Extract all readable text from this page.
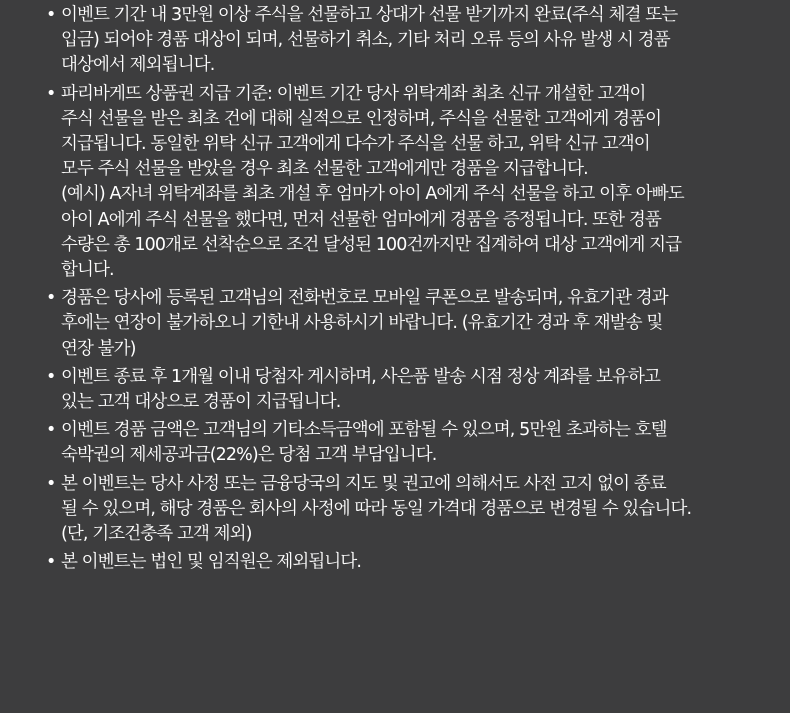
• 이벤트 기간 내 3만원 이상 주식을 선물하고 상대가 선물 받기까지 완료(주식 체결 또는
입금) 되어야 경품 대상이 되며, 선물하기 취소, 기타 처리 오류 등의 사유 발생 시 경품
대상에서 제외됩니다.
• 파리바게뜨 상품권 지급 기준: 이벤트 기간 당사 위탁계좌 최초 신규 개설한 고객이
주식 선물을 받은 최초 건에 대해 실적으로 인정하며, 주식을 선물한 고객에게 경품이
지급됩니다. 동일한 위탁 신규 고객에게 다수가 주식을 선물 하고, 위탁 신규 고객이
모두 주식 선물을 받았을 경우 최초 선물한 고객에게만 경품을 지급합니다.
(예시) A자녀 위탁계좌를 최초 개설 후 엄마가 아이 A에게 주식 선물을 하고 이후 아빠도
아이 A에게 주식 선물을 했다면, 먼저 선물한 엄마에게 경품을 증정됩니다. 또한 경품
수량은 총 100개로 선착순으로 조건 달성된 100건까지만 집계하여 대상 고객에게 지급
합니다.
• 경품은 당사에 등록된 고객님의 전화번호로 모바일 쿠폰으로 발송되며, 유효기관 경과
후에는 연장이 불가하오니 기한내 사용하시기 바랍니다. (유효기간 경과 후 재발송 및
연장 불가)
• 이벤트 종료 후 1개월 이내 당첨자 게시하며, 사은품 발송 시점 정상 계좌를 보유하고
있는 고객 대상으로 경품이 지급됩니다.
• 이벤트 경품 금액은 고객님의 기타소득금액에 포함될 수 있으며, 5만원 초과하는 호텔
숙박권의 제세공과금(22%)은 당첨 고객 부담입니다.
• 본 이벤트는 당사 사정 또는 금융당국의 지도 및 권고에 의해서도 사전 고지 없이 종료
될 수 있으며, 해당 경품은 회사의 사정에 따라 동일 가격대 경품으로 변경될 수 있습니다.
(단, 기조건충족 고객 제외)
• 본 이벤트는 법인 및 임직원은 제외됩니다.
